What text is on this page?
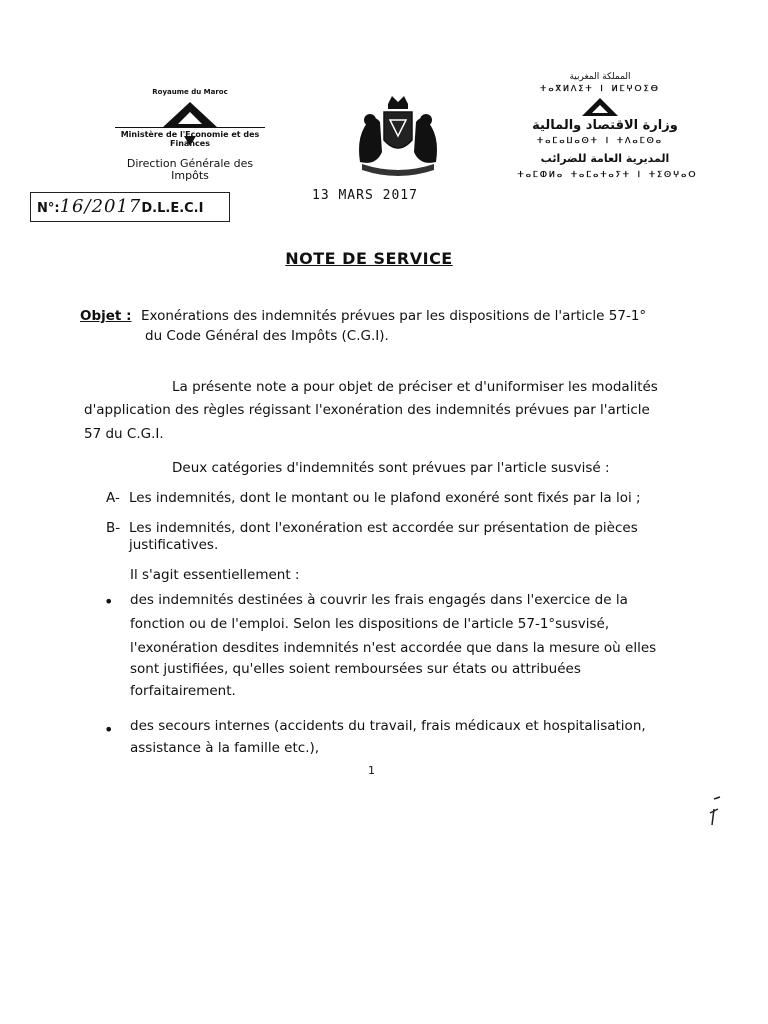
Royaume du Maroc
Ministère de l'Economie et des Finances
Direction Générale des
Impôts
N°:16/2017D.L.E.C.I
المملكة المغربية
ⵜⴰⴳⵍⴷⵉⵜ ⵏ ⵍⵎⵖⵔⵉⴱ
وزارة الاقتصاد والمالية
ⵜⴰⵎⴰⵡⴰⵙⵜ ⵏ ⵜⴷⴰⵎⵙⴰ
المديرية العامة للضرائب
ⵜⴰⵎⵀⵍⴰ ⵜⴰⵎⴰⵜⴰⵢⵜ ⵏ ⵜⵉⵙⵖⴰⵔ
13 MARS 2017
NOTE DE SERVICE
Objet : Exonérations des indemnités prévues par les dispositions de l'article 57-1°
du Code Général des Impôts (C.G.I).
La présente note a pour objet de préciser et d'uniformiser les modalités
d'application des règles régissant l'exonération des indemnités prévues par l'article
57 du C.G.I.
Deux catégories d'indemnités sont prévues par l'article susvisé :
A- Les indemnités, dont le montant ou le plafond exonéré sont fixés par la loi ;
B- Les indemnités, dont l'exonération est accordée sur présentation de pièces
justificatives.
Il s'agit essentiellement :
• des indemnités destinées à couvrir les frais engagés dans l'exercice de la
fonction ou de l'emploi. Selon les dispositions de l'article 57-1°susvisé,
l'exonération desdites indemnités n'est accordée que dans la mesure où elles
sont justifiées, qu'elles soient remboursées sur états ou attribuées
forfaitairement.
• des secours internes (accidents du travail, frais médicaux et hospitalisation,
assistance à la famille etc.),
1
